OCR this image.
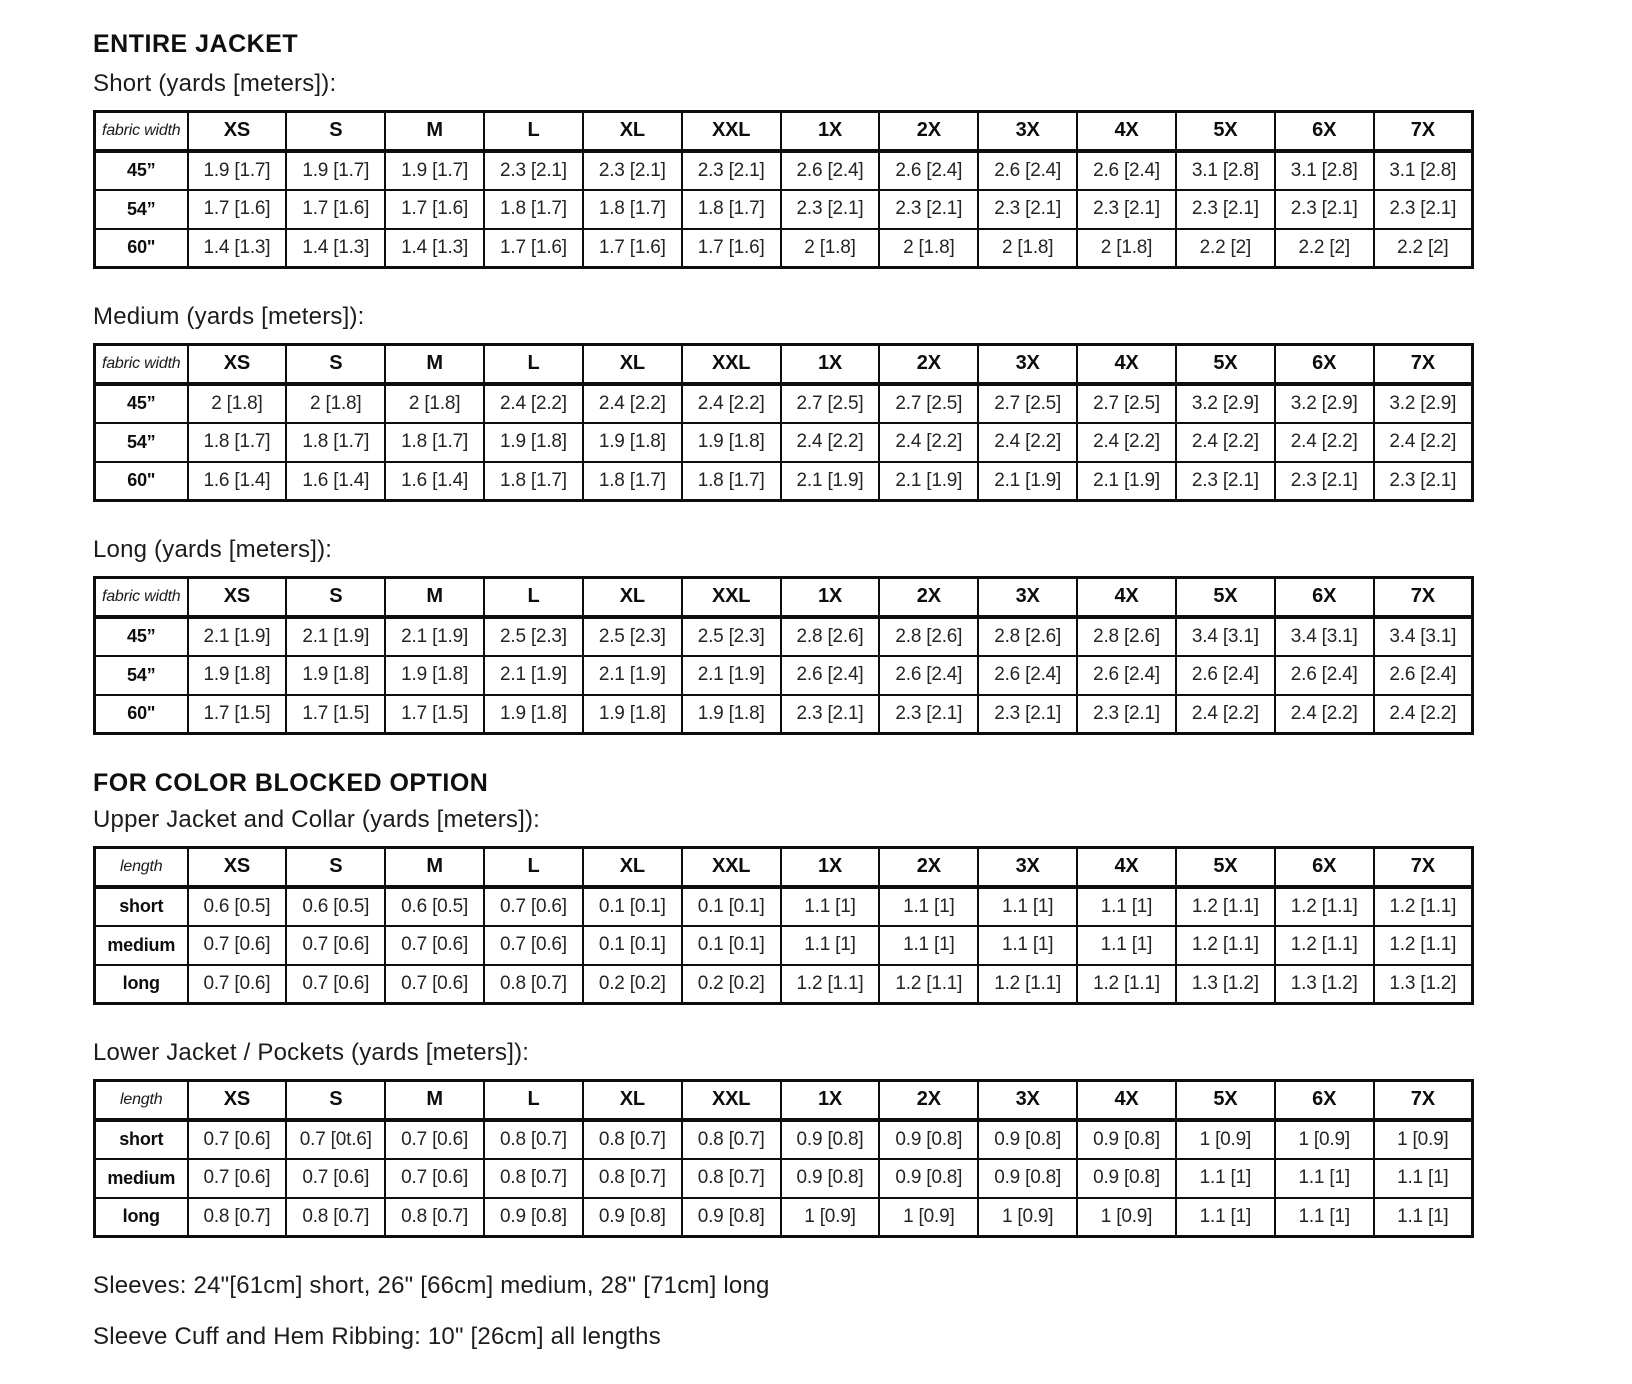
ENTIRE JACKET

Short (yards [meters]):

fabric width	XS	S	M	L	XL	XXL	1X	2X	3X	4X	5X	6X	7X
45”	1.9 [1.7]	1.9 [1.7]	1.9 [1.7]	2.3 [2.1]	2.3 [2.1]	2.3 [2.1]	2.6 [2.4]	2.6 [2.4]	2.6 [2.4]	2.6 [2.4]	3.1 [2.8]	3.1 [2.8]	3.1 [2.8]
54”	1.7 [1.6]	1.7 [1.6]	1.7 [1.6]	1.8 [1.7]	1.8 [1.7]	1.8 [1.7]	2.3 [2.1]	2.3 [2.1]	2.3 [2.1]	2.3 [2.1]	2.3 [2.1]	2.3 [2.1]	2.3 [2.1]
60"	1.4 [1.3]	1.4 [1.3]	1.4 [1.3]	1.7 [1.6]	1.7 [1.6]	1.7 [1.6]	2 [1.8]	2 [1.8]	2 [1.8]	2 [1.8]	2.2 [2]	2.2 [2]	2.2 [2]

Medium (yards [meters]):

fabric width	XS	S	M	L	XL	XXL	1X	2X	3X	4X	5X	6X	7X
45”	2 [1.8]	2 [1.8]	2 [1.8]	2.4 [2.2]	2.4 [2.2]	2.4 [2.2]	2.7 [2.5]	2.7 [2.5]	2.7 [2.5]	2.7 [2.5]	3.2 [2.9]	3.2 [2.9]	3.2 [2.9]
54”	1.8 [1.7]	1.8 [1.7]	1.8 [1.7]	1.9 [1.8]	1.9 [1.8]	1.9 [1.8]	2.4 [2.2]	2.4 [2.2]	2.4 [2.2]	2.4 [2.2]	2.4 [2.2]	2.4 [2.2]	2.4 [2.2]
60"	1.6 [1.4]	1.6 [1.4]	1.6 [1.4]	1.8 [1.7]	1.8 [1.7]	1.8 [1.7]	2.1 [1.9]	2.1 [1.9]	2.1 [1.9]	2.1 [1.9]	2.3 [2.1]	2.3 [2.1]	2.3 [2.1]

Long (yards [meters]):

fabric width	XS	S	M	L	XL	XXL	1X	2X	3X	4X	5X	6X	7X
45”	2.1 [1.9]	2.1 [1.9]	2.1 [1.9]	2.5 [2.3]	2.5 [2.3]	2.5 [2.3]	2.8 [2.6]	2.8 [2.6]	2.8 [2.6]	2.8 [2.6]	3.4 [3.1]	3.4 [3.1]	3.4 [3.1]
54”	1.9 [1.8]	1.9 [1.8]	1.9 [1.8]	2.1 [1.9]	2.1 [1.9]	2.1 [1.9]	2.6 [2.4]	2.6 [2.4]	2.6 [2.4]	2.6 [2.4]	2.6 [2.4]	2.6 [2.4]	2.6 [2.4]
60"	1.7 [1.5]	1.7 [1.5]	1.7 [1.5]	1.9 [1.8]	1.9 [1.8]	1.9 [1.8]	2.3 [2.1]	2.3 [2.1]	2.3 [2.1]	2.3 [2.1]	2.4 [2.2]	2.4 [2.2]	2.4 [2.2]
FOR COLOR BLOCKED OPTION

Upper Jacket and Collar (yards [meters]):

length	XS	S	M	L	XL	XXL	1X	2X	3X	4X	5X	6X	7X
short	0.6 [0.5]	0.6 [0.5]	0.6 [0.5]	0.7 [0.6]	0.1 [0.1]	0.1 [0.1]	1.1 [1]	1.1 [1]	1.1 [1]	1.1 [1]	1.2 [1.1]	1.2 [1.1]	1.2 [1.1]
medium	0.7 [0.6]	0.7 [0.6]	0.7 [0.6]	0.7 [0.6]	0.1 [0.1]	0.1 [0.1]	1.1 [1]	1.1 [1]	1.1 [1]	1.1 [1]	1.2 [1.1]	1.2 [1.1]	1.2 [1.1]
long	0.7 [0.6]	0.7 [0.6]	0.7 [0.6]	0.8 [0.7]	0.2 [0.2]	0.2 [0.2]	1.2 [1.1]	1.2 [1.1]	1.2 [1.1]	1.2 [1.1]	1.3 [1.2]	1.3 [1.2]	1.3 [1.2]

Lower Jacket / Pockets (yards [meters]):

length	XS	S	M	L	XL	XXL	1X	2X	3X	4X	5X	6X	7X
short	0.7 [0.6]	0.7 [0t.6]	0.7 [0.6]	0.8 [0.7]	0.8 [0.7]	0.8 [0.7]	0.9 [0.8]	0.9 [0.8]	0.9 [0.8]	0.9 [0.8]	1 [0.9]	1 [0.9]	1 [0.9]
medium	0.7 [0.6]	0.7 [0.6]	0.7 [0.6]	0.8 [0.7]	0.8 [0.7]	0.8 [0.7]	0.9 [0.8]	0.9 [0.8]	0.9 [0.8]	0.9 [0.8]	1.1 [1]	1.1 [1]	1.1 [1]
long	0.8 [0.7]	0.8 [0.7]	0.8 [0.7]	0.9 [0.8]	0.9 [0.8]	0.9 [0.8]	1 [0.9]	1 [0.9]	1 [0.9]	1 [0.9]	1.1 [1]	1.1 [1]	1.1 [1]

Sleeves: 24"[61cm] short, 26" [66cm] medium, 28" [71cm] long

Sleeve Cuff and Hem Ribbing: 10" [26cm] all lengths
